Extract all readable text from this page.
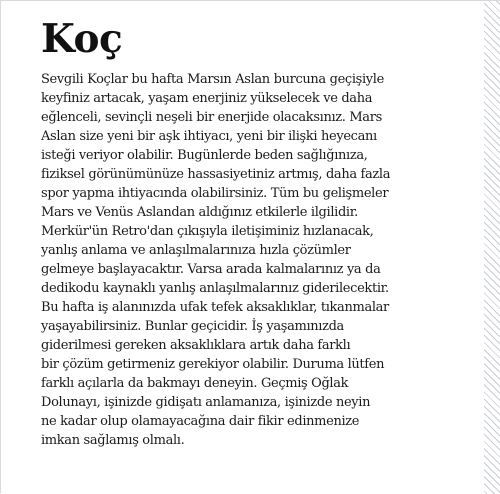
Koç

Sevgili Koçlar bu hafta Marsın Aslan burcuna geçişiyle
keyfiniz artacak, yaşam enerjiniz yükselecek ve daha
eğlenceli, sevinçli neşeli bir enerjide olacaksınız. Mars
Aslan size yeni bir aşk ihtiyacı, yeni bir ilişki heyecanı
isteği veriyor olabilir. Bugünlerde beden sağlığınıza,
fiziksel görünümünüze hassasiyetiniz artmış, daha fazla
spor yapma ihtiyacında olabilirsiniz. Tüm bu gelişmeler
Mars ve Venüs Aslandan aldığınız etkilerle ilgilidir.
Merkür'ün Retro'dan çıkışıyla iletişiminiz hızlanacak,
yanlış anlama ve anlaşılmalarınıza hızla çözümler
gelmeye başlayacaktır. Varsa arada kalmalarınız ya da
dedikodu kaynaklı yanlış anlaşılmalarınız giderilecektir.
Bu hafta iş alanınızda ufak tefek aksaklıklar, tıkanmalar
yaşayabilirsiniz. Bunlar geçicidir. İş yaşamınızda
giderilmesi gereken aksaklıklara artık daha farklı
bir çözüm getirmeniz gerekiyor olabilir. Duruma lütfen
farklı açılarla da bakmayı deneyin. Geçmiş Oğlak
Dolunayı, işinizde gidişatı anlamanıza, işinizde neyin
ne kadar olup olamayacağına dair fikir edinmenize
imkan sağlamış olmalı.
